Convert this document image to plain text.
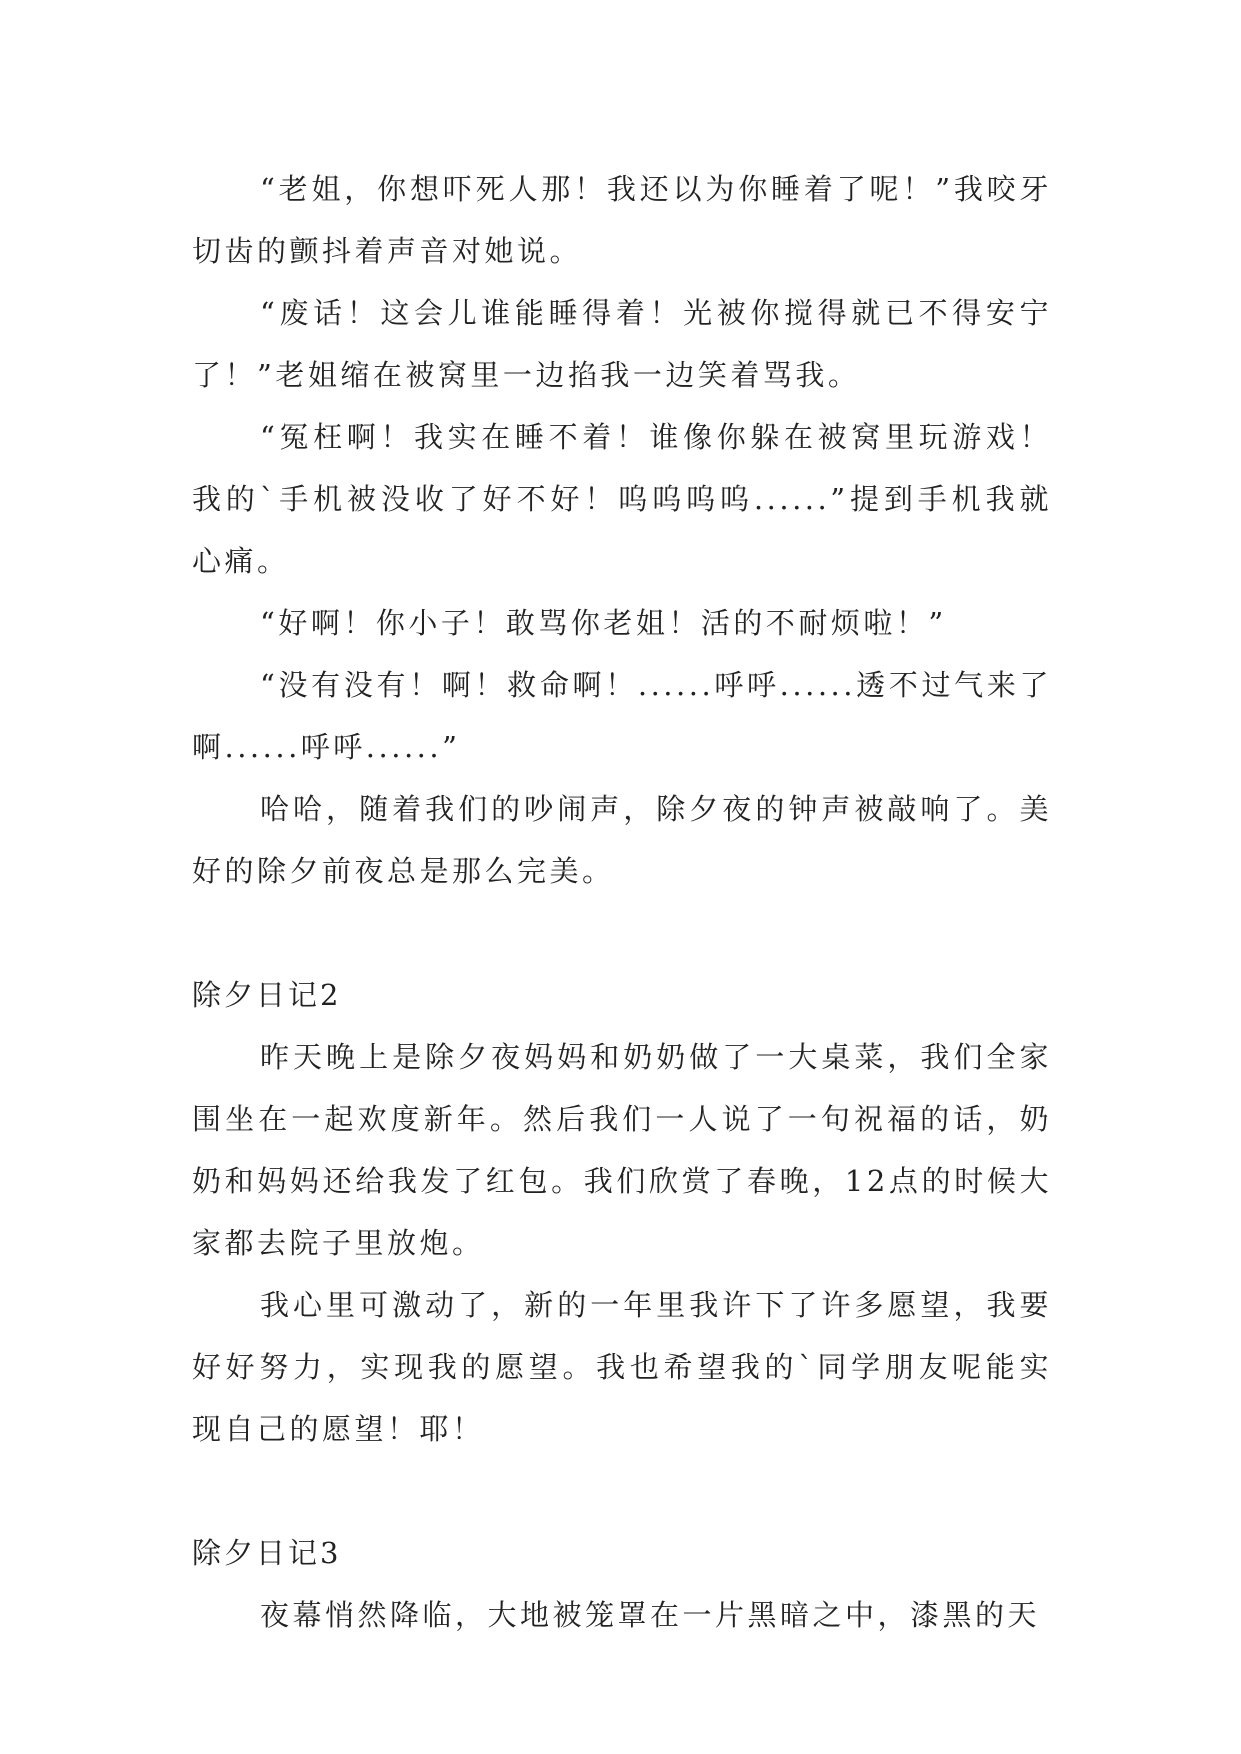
“老姐，你想吓死人那！我还以为你睡着了呢！”我咬牙切齿的颤抖着声音对她说。

“废话！这会儿谁能睡得着！光被你搅得就已不得安宁了！”老姐缩在被窝里一边掐我一边笑着骂我。

“冤枉啊！我实在睡不着！谁像你躲在被窝里玩游戏！我的`手机被没收了好不好！呜呜呜呜......”提到手机我就心痛。

“好啊！你小子！敢骂你老姐！活的不耐烦啦！”

“没有没有！啊！救命啊！......呼呼......透不过气来了啊......呼呼......”

哈哈，随着我们的吵闹声，除夕夜的钟声被敲响了。美好的除夕前夜总是那么完美。

除夕日记2

昨天晚上是除夕夜妈妈和奶奶做了一大桌菜，我们全家围坐在一起欢度新年。然后我们一人说了一句祝福的话，奶奶和妈妈还给我发了红包。我们欣赏了春晚，12点的时候大家都去院子里放炮。

我心里可激动了，新的一年里我许下了许多愿望，我要好好努力，实现我的愿望。我也希望我的`同学朋友呢能实现自己的愿望！耶！

除夕日记3

夜幕悄然降临，大地被笼罩在一片黑暗之中，漆黑的天
